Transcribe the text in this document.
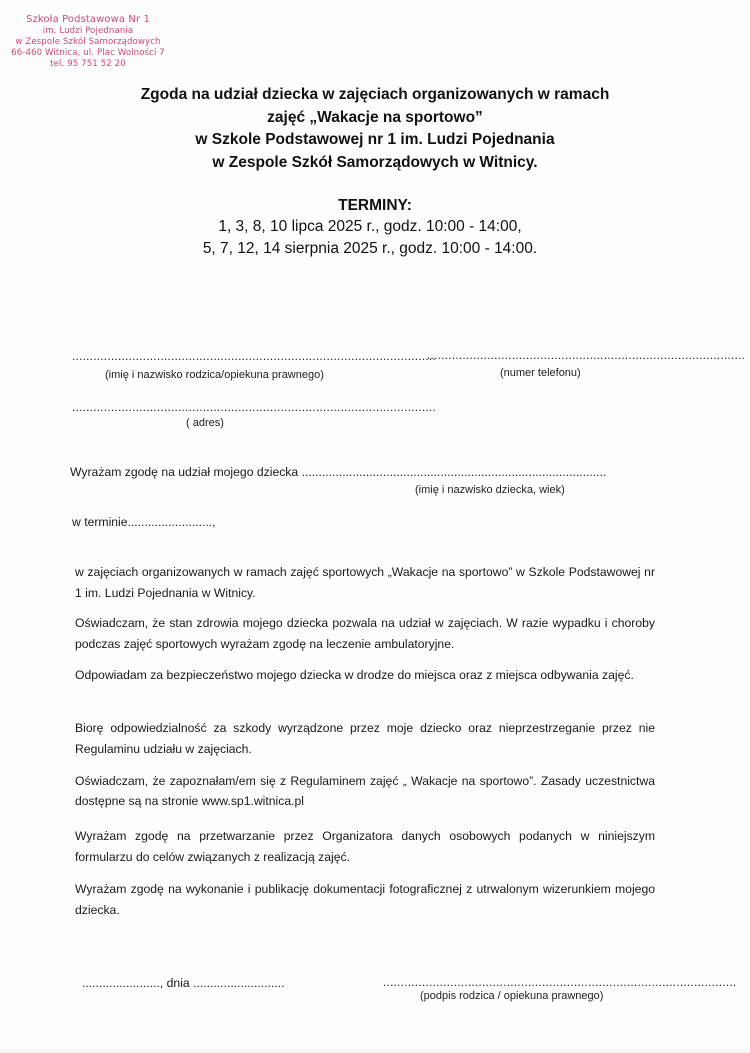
Szkoła Podstawowa Nr 1
im. Ludzi Pojednania
w Zespole Szkół Samorządowych
66-460 Witnica, ul. Plac Wolności 7
tel. 95 751 52 20
Zgoda na udział dziecka w zajęciach organizowanych w ramach
zajęć „Wakacje na sportowo”
w Szkole Podstawowej nr 1 im. Ludzi Pojednania
w Zespole Szkół Samorządowych w Witnicy.
TERMINY:
1, 3, 8, 10 lipca 2025 r., godz. 10:00 - 14:00,
5, 7, 12, 14 sierpnia 2025 r., godz. 10:00 - 14:00.
.......................................................................................................
(imię i nazwisko rodzica/opiekuna prawnego)
..........................................................................................
(numer telefonu)
.......................................................................................................
( adres)
Wyrażam zgodę na udział mojego dziecka ..........................................................................................
(imię i nazwisko dziecka, wiek)
w terminie.........................,
w zajęciach organizowanych w ramach zajęć sportowych „Wakacje na sportowo” w Szkole Podstawowej nr 1 im. Ludzi Pojednania w Witnicy.
Oświadczam, że stan zdrowia mojego dziecka pozwala na udział w zajęciach. W razie wypadku i choroby podczas zajęć sportowych wyrażam zgodę na leczenie ambulatoryjne.
Odpowiadam za bezpieczeństwo mojego dziecka w drodze do miejsca oraz z miejsca odbywania zajęć.
Biorę odpowiedzialność za szkody wyrządzone przez moje dziecko oraz nieprzestrzeganie przez nie Regulaminu udziału w zajęciach.
Oświadczam, że zapoznałam/em się z Regulaminem zajęć „ Wakacje na sportowo”. Zasady uczestnictwa dostępne są na stronie www.sp1.witnica.pl
Wyrażam zgodę na przetwarzanie przez Organizatora danych osobowych podanych w niniejszym formularzu do celów związanych z realizacją zajęć.
Wyrażam zgodę na wykonanie i publikację dokumentacji fotograficznej z utrwalonym wizerunkiem mojego dziecka.
......................., dnia ...........................	....................................................................................................
(podpis rodzica / opiekuna prawnego)
